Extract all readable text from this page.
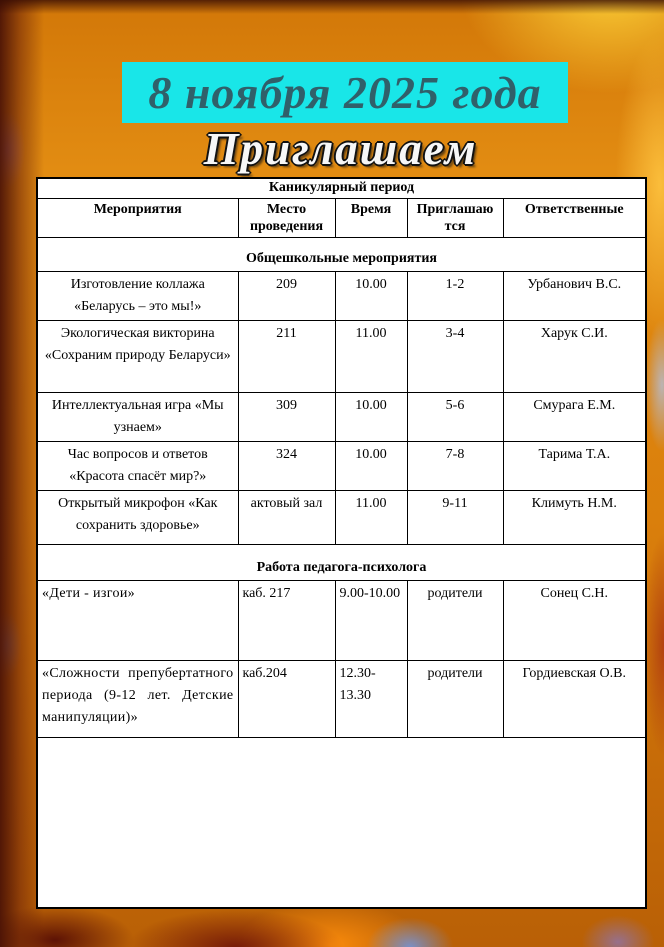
8 ноября 2025 года
Приглашаем
Каникулярный период				
Мероприятия	Место проведения	Время	Приглашаю тся	Ответственные
Общешкольные мероприятия				
Изготовление коллажа «Беларусь – это мы!»	209	10.00	1-2	Урбанович В.С.
Экологическая викторина «Сохраним природу Беларуси»	211	11.00	3-4	Харук С.И.
Интеллектуальная игра «Мы узнаем»	309	10.00	5-6	Смурага Е.М.
Час вопросов и ответов «Красота спасёт мир?»	324	10.00	7-8	Тарима Т.А.
Открытый микрофон «Как сохранить здоровье»	актовый зал	11.00	9-11	Климуть Н.М.
Работа педагога-психолога				
«Дети - изгои»	каб. 217	9.00-10.00	родители	Сонец С.Н.
«Сложности препубертатного периода (9-12 лет. Детские манипуляции)»	каб.204	12.30-13.30	родители	Гордиевская О.В.
